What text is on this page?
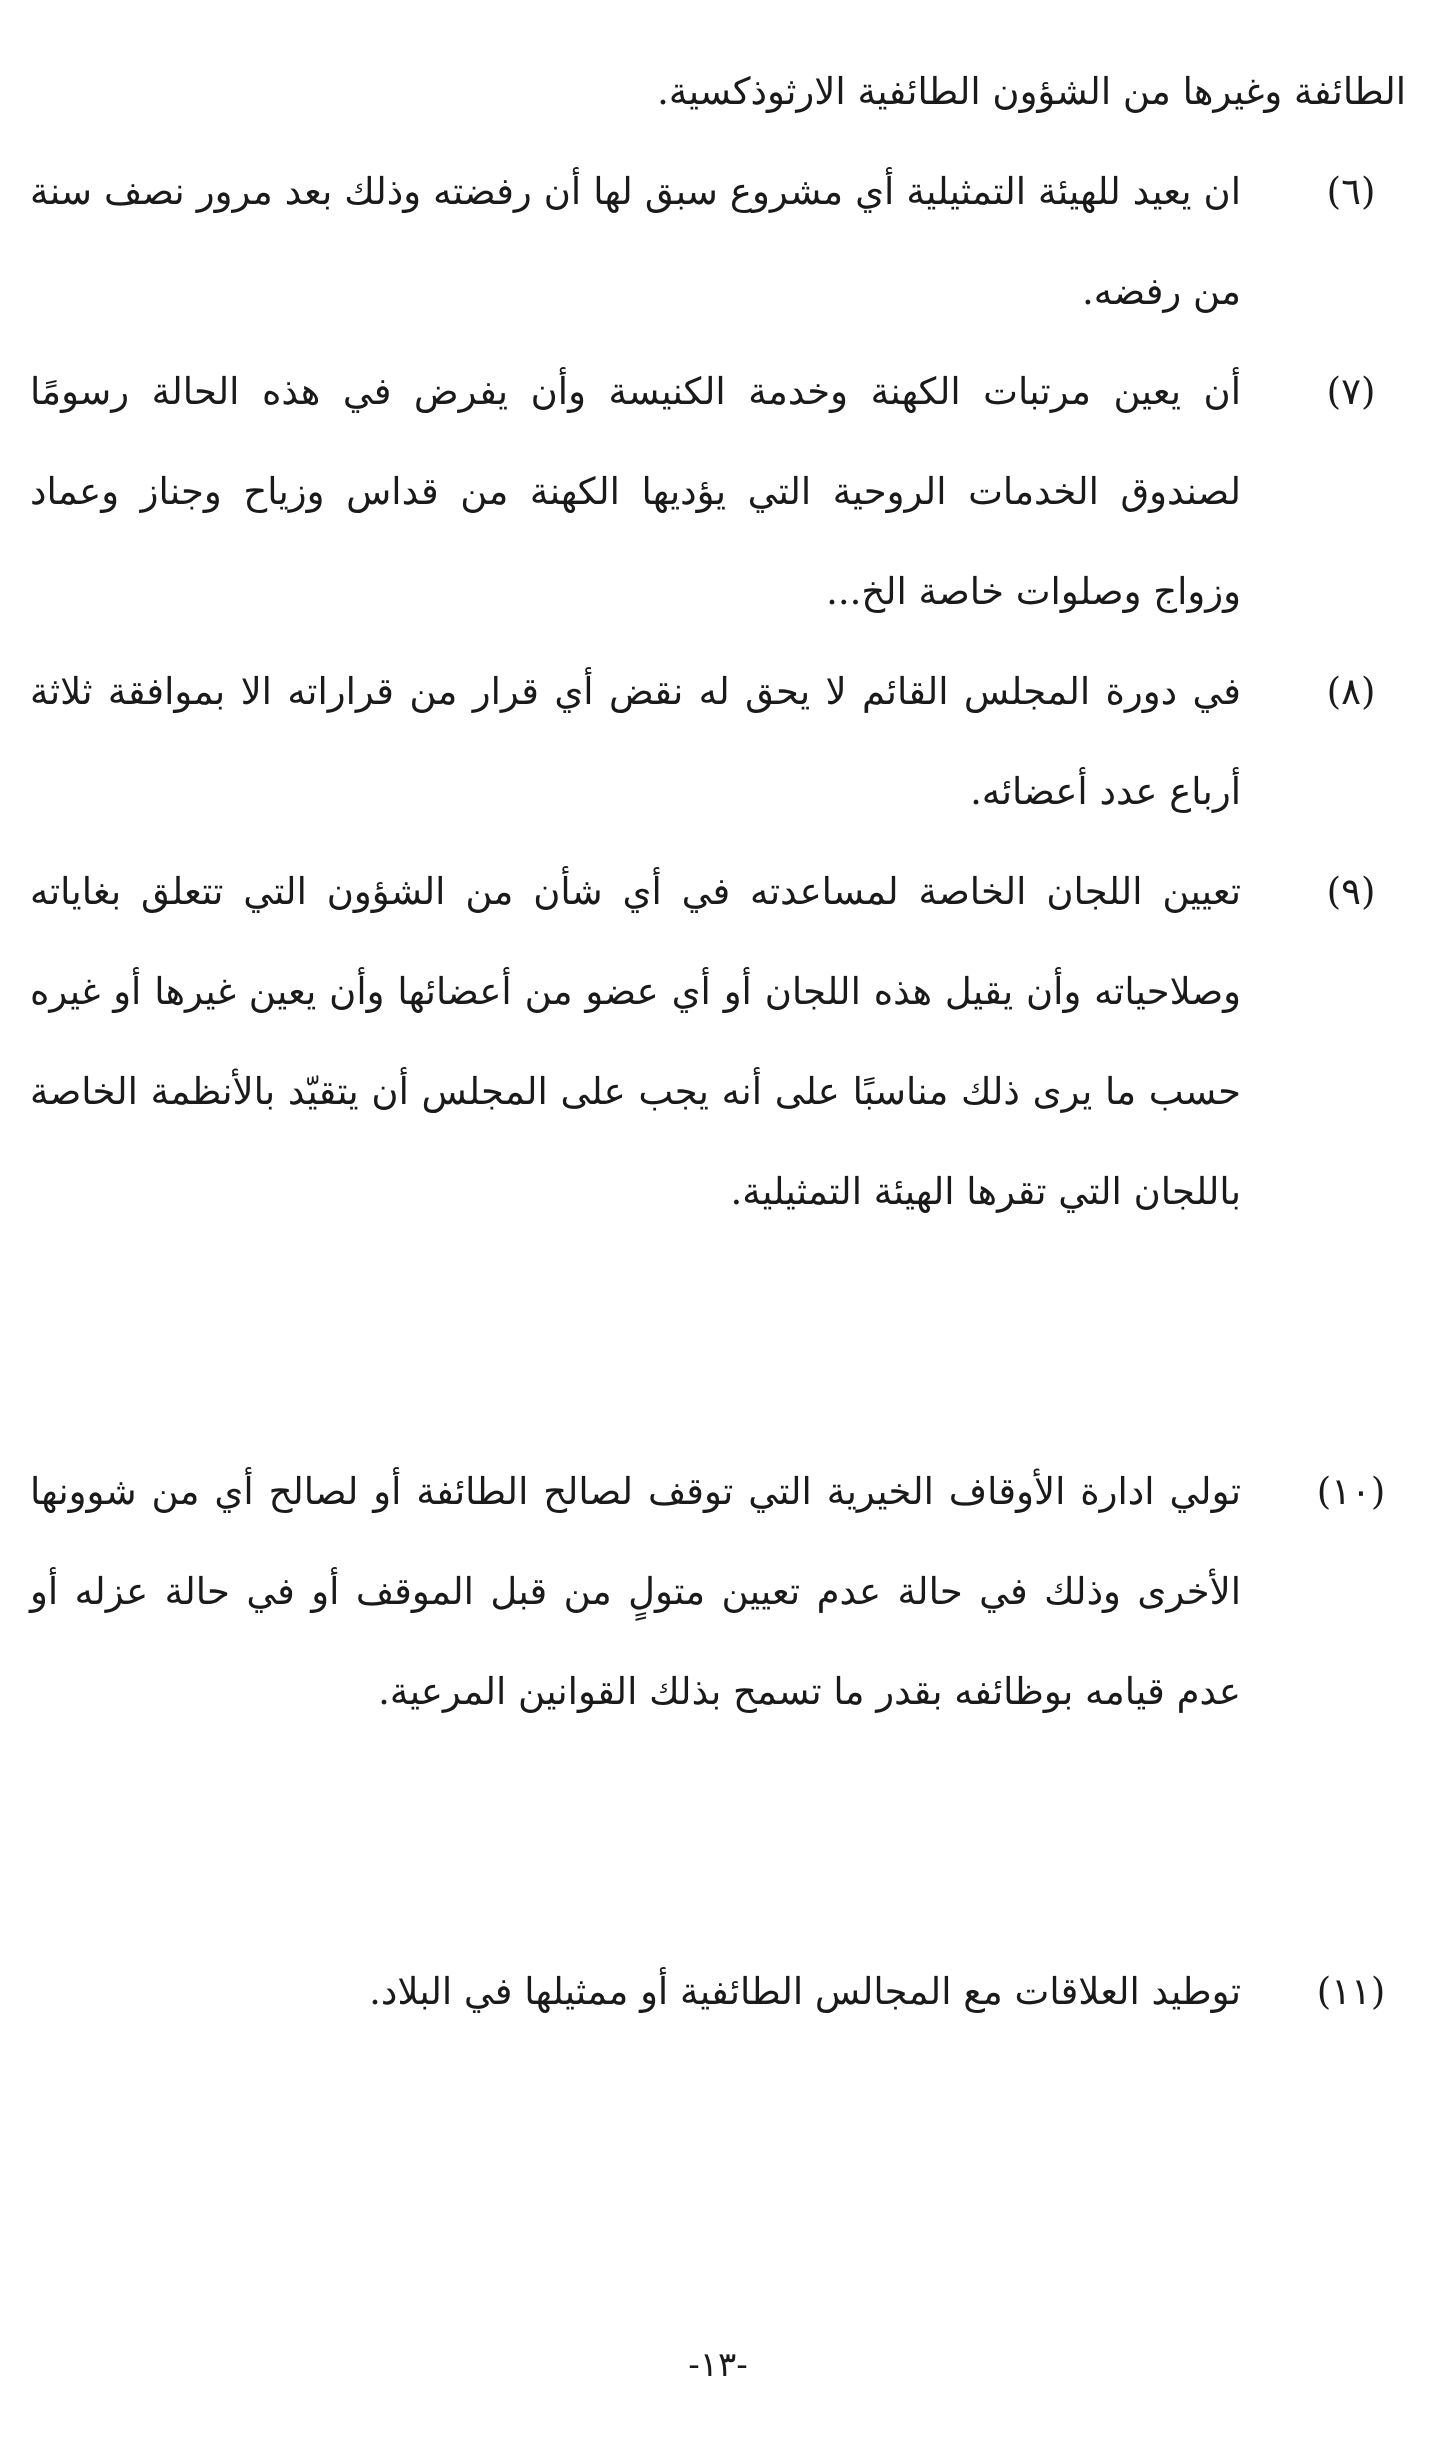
الطائفة وغيرها من الشؤون الطائفية الارثوذكسية.
(٦)
ان يعيد للهيئة التمثيلية أي مشروع سبق لها أن رفضته وذلك بعد مرور نصف سنة من رفضه.
(٧)
أن يعين مرتبات الكهنة وخدمة الكنيسة وأن يفرض في هذه الحالة رسومًا لصندوق الخدمات الروحية التي يؤديها الكهنة من قداس وزياح وجناز وعماد وزواج وصلوات خاصة الخ...
(٨)
في دورة المجلس القائم لا يحق له نقض أي قرار من قراراته الا بموافقة ثلاثة أرباع عدد أعضائه.
(٩)
تعيين اللجان الخاصة لمساعدته في أي شأن من الشؤون التي تتعلق بغاياته وصلاحياته وأن يقيل هذه اللجان أو أي عضو من أعضائها وأن يعين غيرها أو غيره حسب ما يرى ذلك مناسبًا على أنه يجب على المجلس أن يتقيّد بالأنظمة الخاصة باللجان التي تقرها الهيئة التمثيلية.
(١٠)
تولي ادارة الأوقاف الخيرية التي توقف لصالح الطائفة أو لصالح أي من شوونها الأخرى وذلك في حالة عدم تعيين متولٍ من قبل الموقف أو في حالة عزله أو عدم قيامه بوظائفه بقدر ما تسمح بذلك القوانين المرعية.
(١١)
توطيد العلاقات مع المجالس الطائفية أو ممثيلها في البلاد.
-١٣-
